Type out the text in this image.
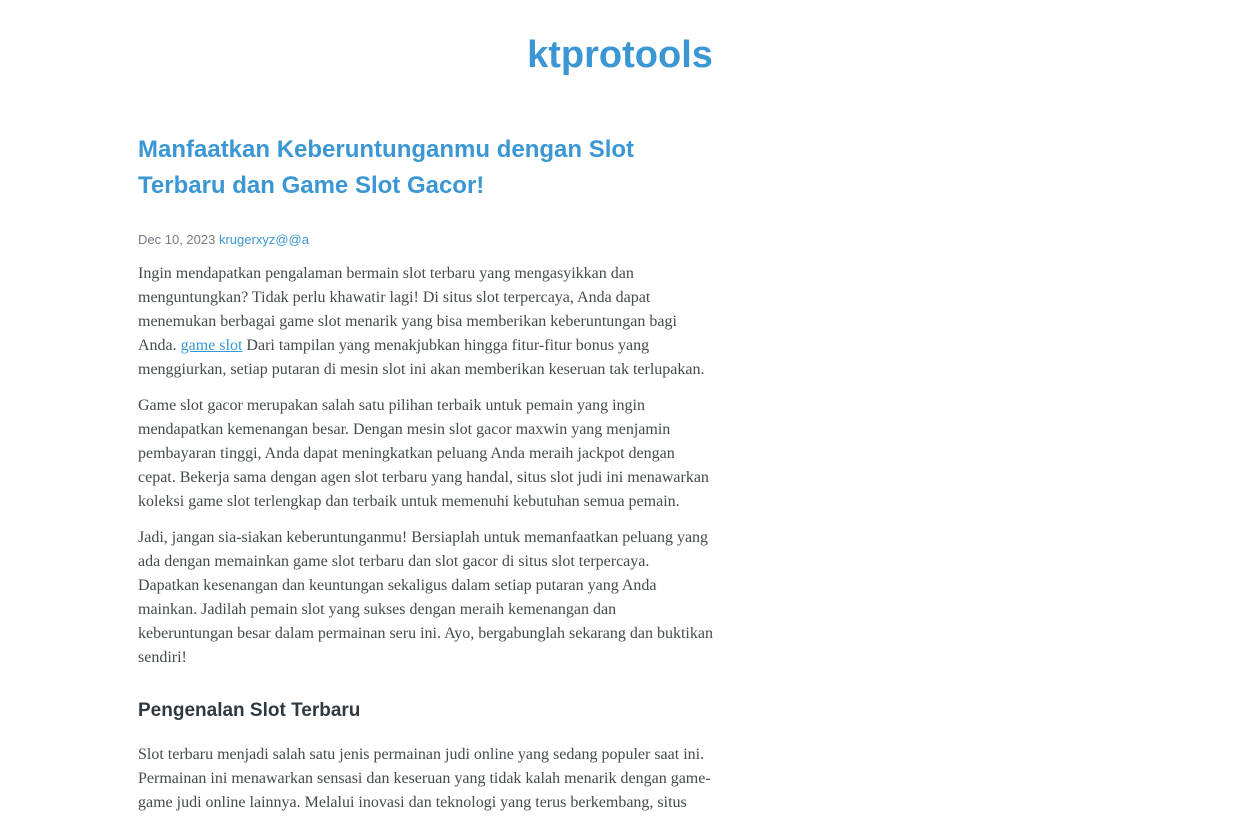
ktprotools
Manfaatkan Keberuntunganmu dengan Slot Terbaru dan Game Slot Gacor!
Dec 10, 2023 krugerxyz@@a

Ingin mendapatkan pengalaman bermain slot terbaru yang mengasyikkan dan menguntungkan? Tidak perlu khawatir lagi! Di situs slot terpercaya, Anda dapat menemukan berbagai game slot menarik yang bisa memberikan keberuntungan bagi Anda. game slot Dari tampilan yang menakjubkan hingga fitur-fitur bonus yang menggiurkan, setiap putaran di mesin slot ini akan memberikan keseruan tak terlupakan.

Game slot gacor merupakan salah satu pilihan terbaik untuk pemain yang ingin mendapatkan kemenangan besar. Dengan mesin slot gacor maxwin yang menjamin pembayaran tinggi, Anda dapat meningkatkan peluang Anda meraih jackpot dengan cepat. Bekerja sama dengan agen slot terbaru yang handal, situs slot judi ini menawarkan koleksi game slot terlengkap dan terbaik untuk memenuhi kebutuhan semua pemain.

Jadi, jangan sia-siakan keberuntunganmu! Bersiaplah untuk memanfaatkan peluang yang ada dengan memainkan game slot terbaru dan slot gacor di situs slot terpercaya. Dapatkan kesenangan dan keuntungan sekaligus dalam setiap putaran yang Anda mainkan. Jadilah pemain slot yang sukses dengan meraih kemenangan dan keberuntungan besar dalam permainan seru ini. Ayo, bergabunglah sekarang dan buktikan sendiri!

Pengenalan Slot Terbaru

Slot terbaru menjadi salah satu jenis permainan judi online yang sedang populer saat ini. Permainan ini menawarkan sensasi dan keseruan yang tidak kalah menarik dengan game-game judi online lainnya. Melalui inovasi dan teknologi yang terus berkembang, situs
